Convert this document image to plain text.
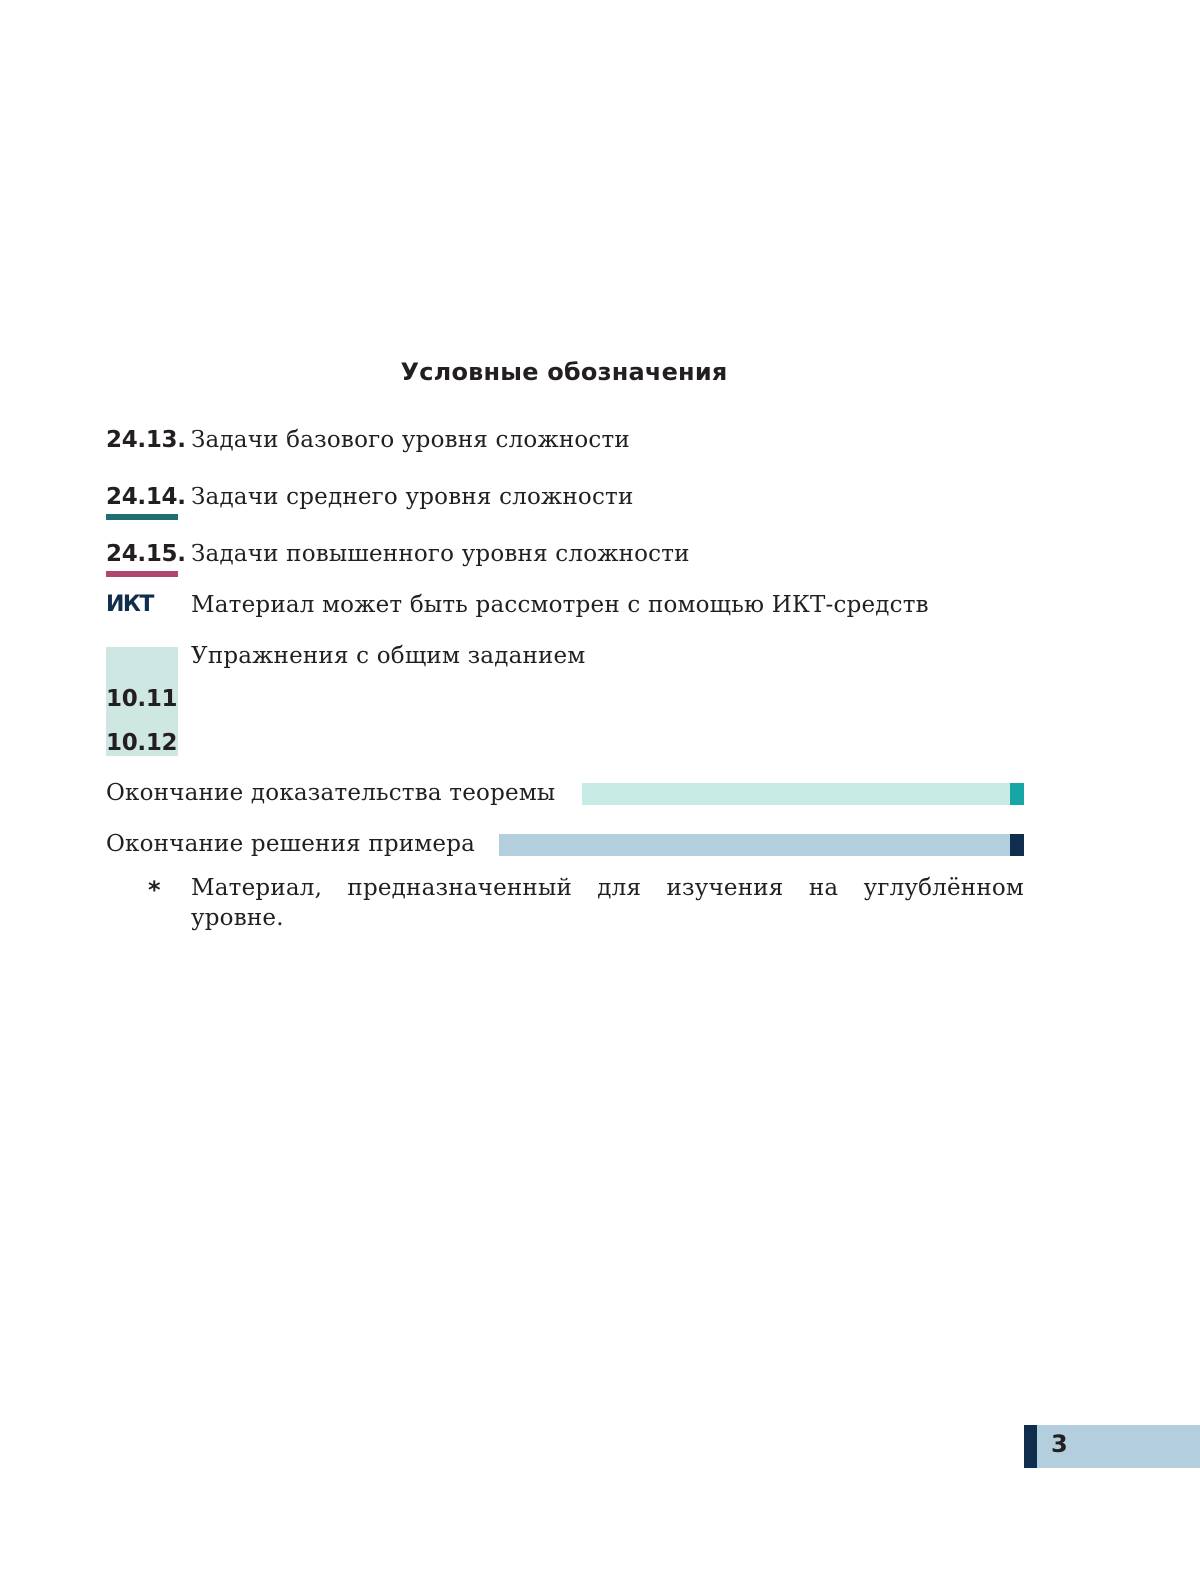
Условные обозначения
24.13. Задачи базового уровня сложности
24.14. Задачи среднего уровня сложности
24.15. Задачи повышенного уровня сложности
ИКТ Материал может быть рассмотрен с помощью ИКТ-средств
Упражнения с общим заданием
10.11
10.12
Окончание доказательства теоремы
Окончание решения примера
* Материал, предназначенный для изучения на углублённом уровне.
3
